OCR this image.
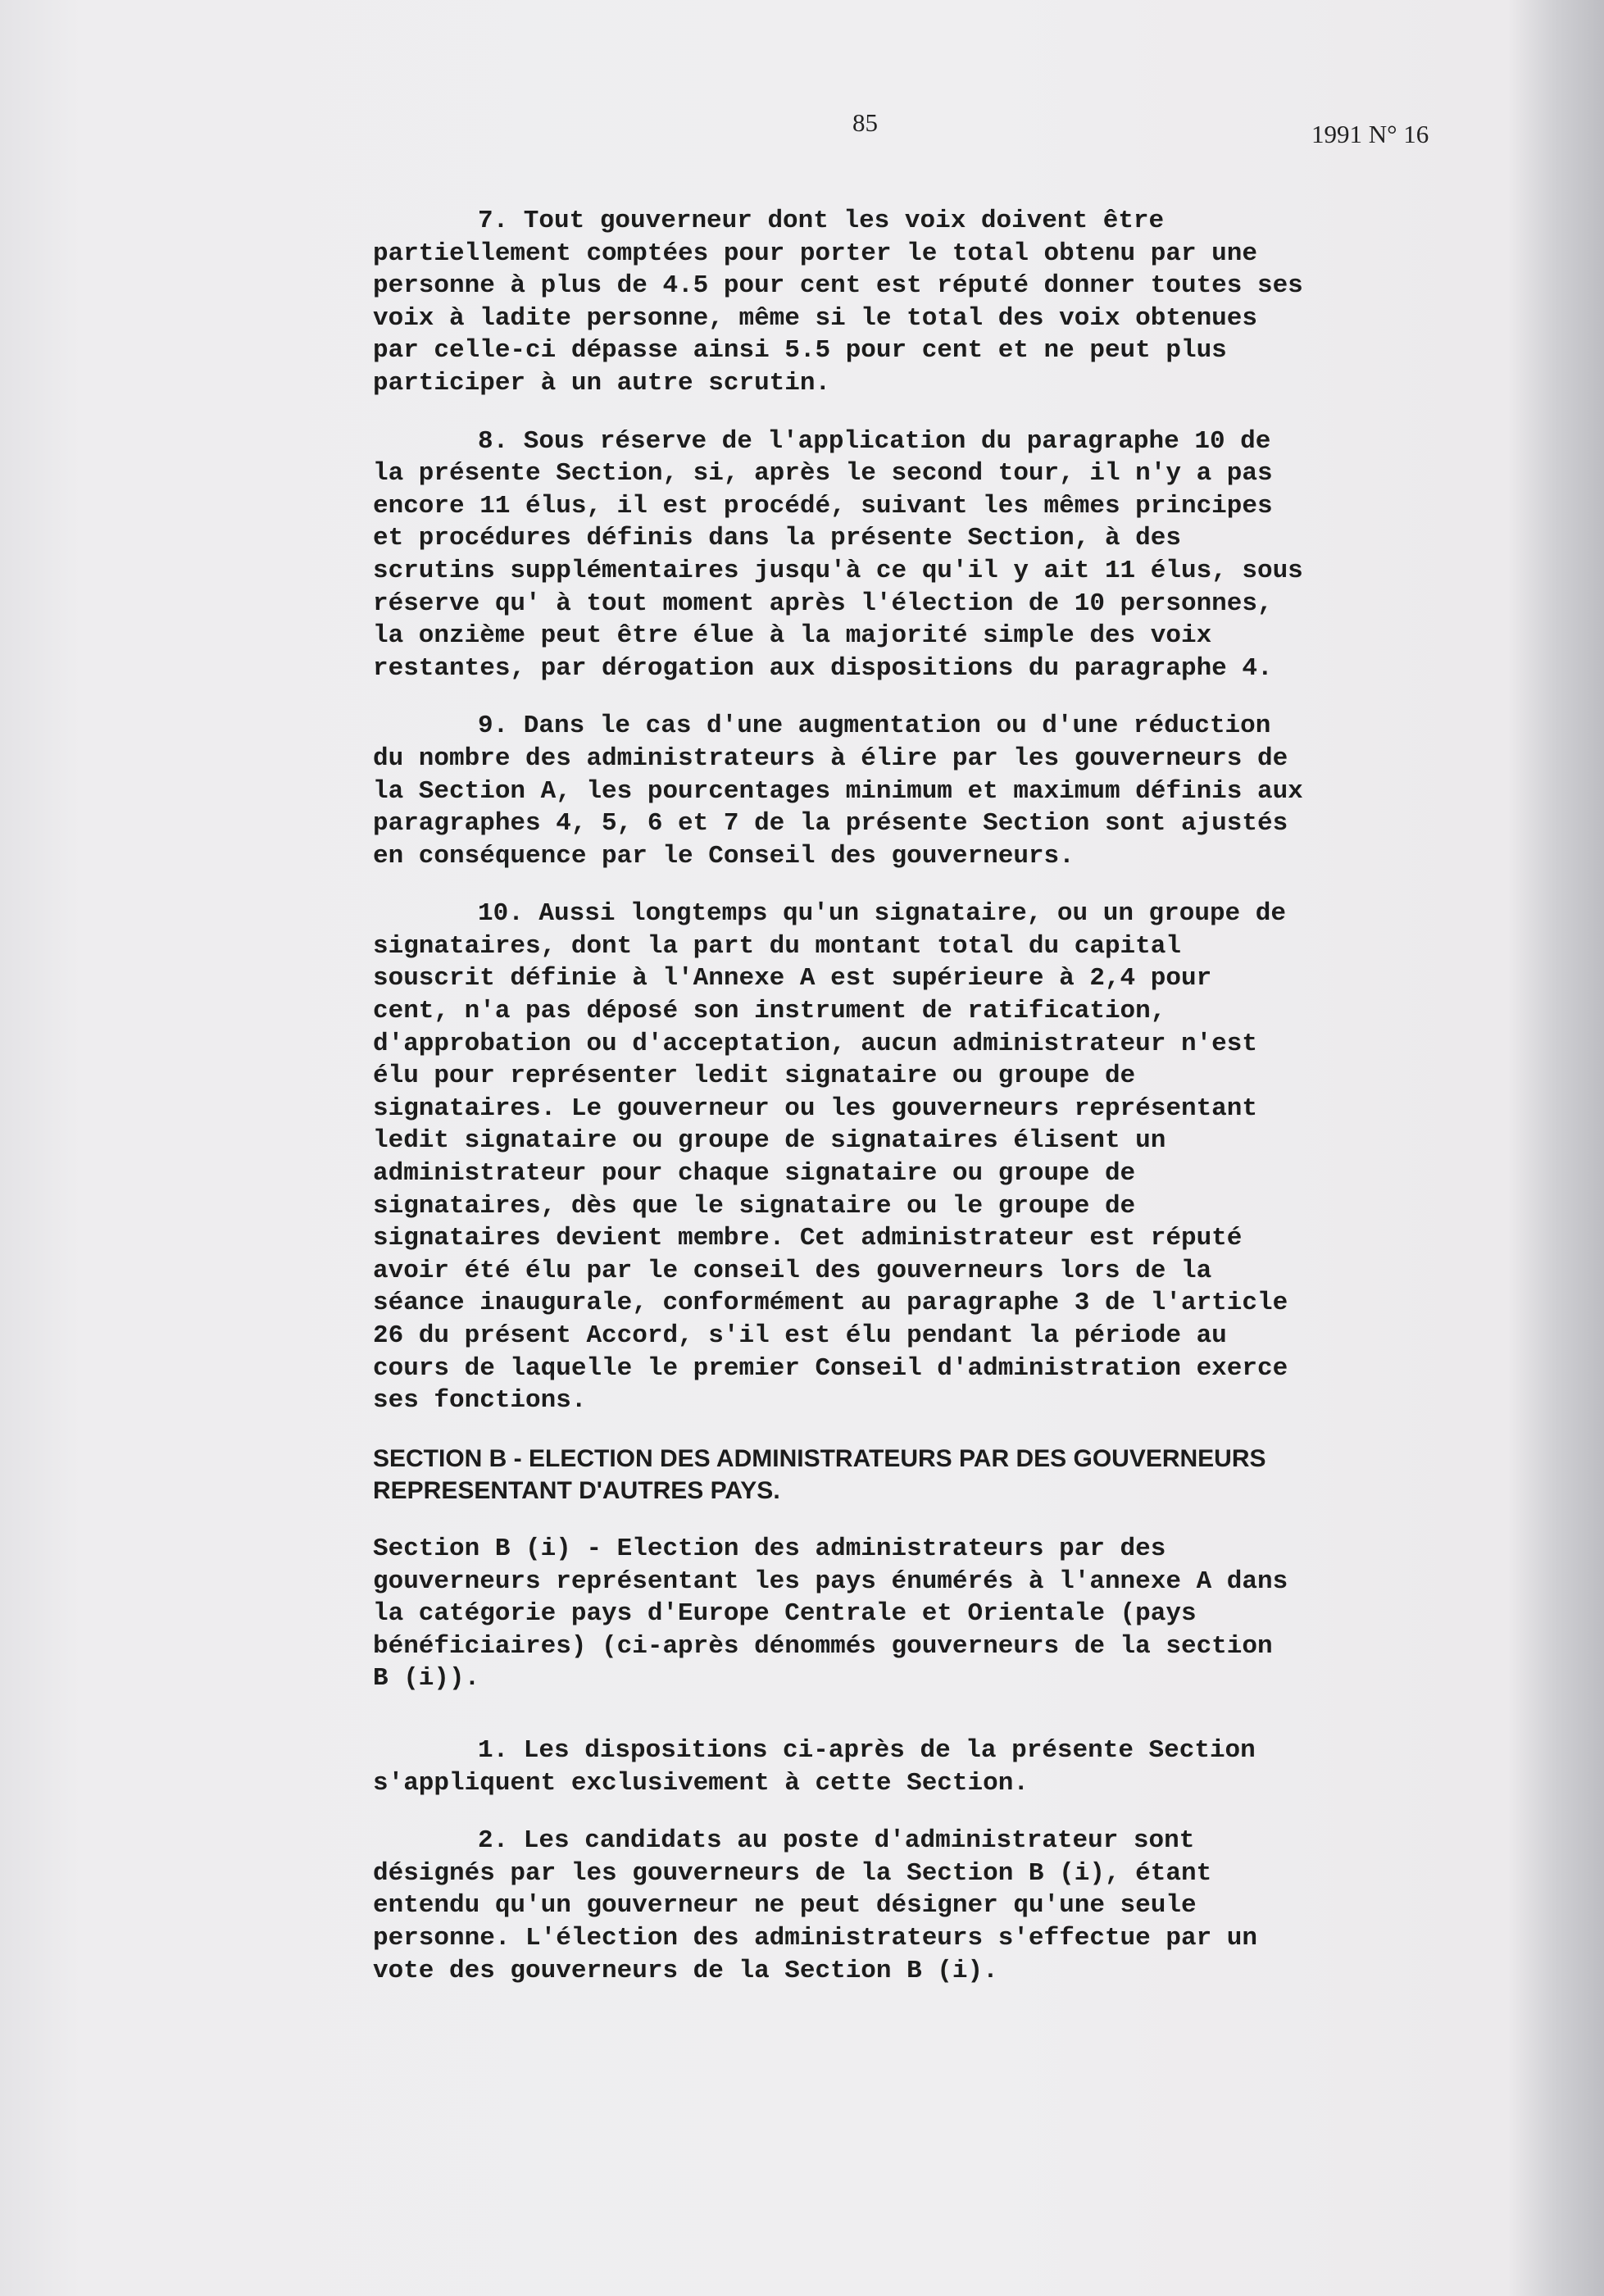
85	1991 N° 16

7. Tout gouverneur dont les voix doivent être
partiellement comptées pour porter le total obtenu par une
personne à plus de 4.5 pour cent est réputé donner toutes ses
voix à ladite personne, même si le total des voix obtenues
par celle-ci dépasse ainsi 5.5 pour cent et ne peut plus
participer à un autre scrutin.

8. Sous réserve de l'application du paragraphe 10 de
la présente Section, si, après le second tour, il n'y a pas
encore 11 élus, il est procédé, suivant les mêmes principes
et procédures définis dans la présente Section, à des
scrutins supplémentaires jusqu'à ce qu'il y ait 11 élus, sous
réserve qu' à tout moment après l'élection de 10 personnes,
la onzième peut être élue à la majorité simple des voix
restantes, par dérogation aux dispositions du paragraphe 4.

9. Dans le cas d'une augmentation ou d'une réduction
du nombre des administrateurs à élire par les gouverneurs de
la Section A, les pourcentages minimum et maximum définis aux
paragraphes 4, 5, 6 et 7 de la présente Section sont ajustés
en conséquence par le Conseil des gouverneurs.

10. Aussi longtemps qu'un signataire, ou un groupe de
signataires, dont la part du montant total du capital
souscrit définie à l'Annexe A est supérieure à 2,4 pour
cent, n'a pas déposé son instrument de ratification,
d'approbation ou d'acceptation, aucun administrateur n'est
élu pour représenter ledit signataire ou groupe de
signataires. Le gouverneur ou les gouverneurs représentant
ledit signataire ou groupe de signataires élisent un
administrateur pour chaque signataire ou groupe de
signataires, dès que le signataire ou le groupe de
signataires devient membre. Cet administrateur est réputé
avoir été élu par le conseil des gouverneurs lors de la
séance inaugurale, conformément au paragraphe 3 de l'article
26 du présent Accord, s'il est élu pendant la période au
cours de laquelle le premier Conseil d'administration exerce
ses fonctions.

SECTION B - ELECTION DES ADMINISTRATEURS PAR DES GOUVERNEURS
REPRESENTANT D'AUTRES PAYS.

Section B (i) - Election des administrateurs par des
gouverneurs représentant les pays énumérés à l'annexe A dans
la catégorie pays d'Europe Centrale et Orientale (pays
bénéficiaires) (ci-après dénommés gouverneurs de la section
B (i)).

1. Les dispositions ci-après de la présente Section
s'appliquent exclusivement à cette Section.

2. Les candidats au poste d'administrateur sont
désignés par les gouverneurs de la Section B (i), étant
entendu qu'un gouverneur ne peut désigner qu'une seule
personne. L'élection des administrateurs s'effectue par un
vote des gouverneurs de la Section B (i).
